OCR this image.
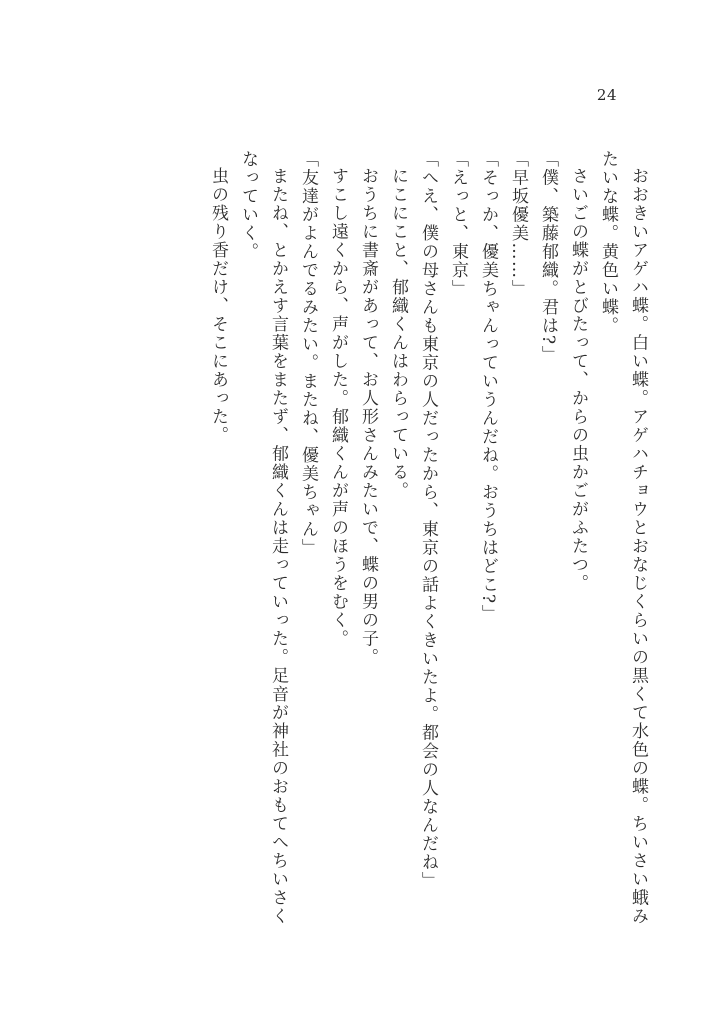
24

おおきいアゲハ蝶。白い蝶。アゲハチョウとおなじくらいの黒くて水色の蝶。ちいさい蛾みたいな蝶。黄色い蝶。

さいごの蝶がとびたって、からの虫かごがふたつ。

「僕、築藤郁織。君は?」

「早坂優美……」

「そっか、優美ちゃんっていうんだね。おうちはどこ?」

「えっと、東京」

「へえ、僕の母さんも東京の人だったから、東京の話よくきいたよ。都会の人なんだね」

にこにこと、郁織くんはわらっている。

おうちに書斎があって、お人形さんみたいで、蝶の男の子。

すこし遠くから、声がした。郁織くんが声のほうをむく。

「友達がよんでるみたい。またね、優美ちゃん」

またね、とかえす言葉をまたず、郁織くんは走っていった。足音が神社のおもてへちいさくなっていく。

虫の残り香だけ、そこにあった。
